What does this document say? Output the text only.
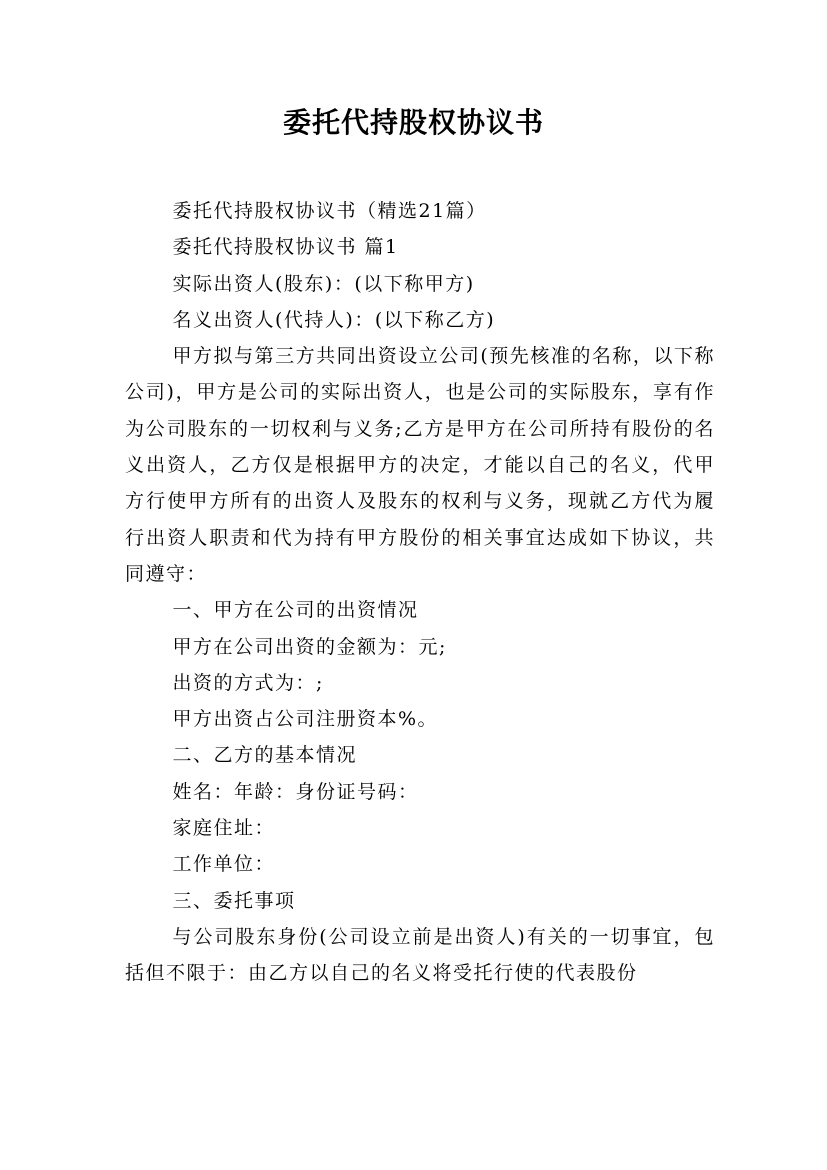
委托代持股权协议书

委托代持股权协议书（精选21篇）

委托代持股权协议书 篇1

实际出资人(股东)：(以下称甲方)

名义出资人(代持人)：(以下称乙方)

甲方拟与第三方共同出资设立公司(预先核准的名称，以下称公司)，甲方是公司的实际出资人，也是公司的实际股东，享有作为公司股东的一切权利与义务;乙方是甲方在公司所持有股份的名义出资人，乙方仅是根据甲方的决定，才能以自己的名义，代甲方行使甲方所有的出资人及股东的权利与义务，现就乙方代为履行出资人职责和代为持有甲方股份的相关事宜达成如下协议，共同遵守：

一、甲方在公司的出资情况

甲方在公司出资的金额为：元;

出资的方式为：;

甲方出资占公司注册资本%。

二、乙方的基本情况

姓名：年龄：身份证号码：

家庭住址：

工作单位：

三、委托事项

与公司股东身份(公司设立前是出资人)有关的一切事宜，包括但不限于：由乙方以自己的名义将受托行使的代表股份
